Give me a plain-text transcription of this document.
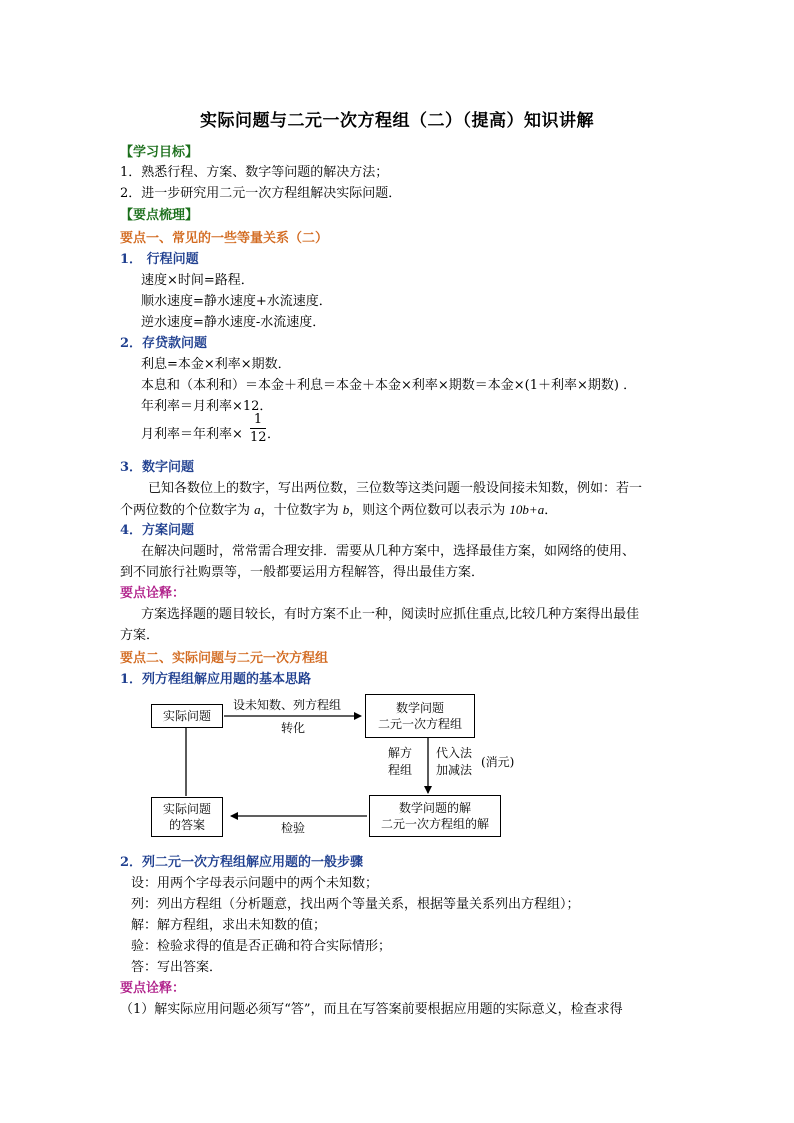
实际问题与二元一次方程组（二）（提高）知识讲解
【学习目标】
1．熟悉行程、方案、数字等问题的解决方法；
2．进一步研究用二元一次方程组解决实际问题．
【要点梳理】
要点一、常见的一些等量关系（二）
1． 行程问题
速度×时间=路程．
顺水速度=静水速度+水流速度．
逆水速度=静水速度-水流速度．
2．存贷款问题
利息=本金×利率×期数．
本息和（本利和）＝本金＋利息＝本金＋本金×利率×期数＝本金×(1＋利率×期数) ．
年利率＝月利率×12．
月利率＝年利率×
1
12 ．
3．数字问题
已知各数位上的数字，写出两位数，三位数等这类问题一般设间接未知数，例如：若一
个两位数的个位数字为 a，十位数字为 b，则这个两位数可以表示为 10b+a．
4．方案问题
在解决问题时，常常需合理安排．需要从几种方案中，选择最佳方案，如网络的使用、
到不同旅行社购票等，一般都要运用方程解答，得出最佳方案．
要点诠释：
方案选择题的题目较长，有时方案不止一种，阅读时应抓住重点,比较几种方案得出最佳
方案．
要点二、实际问题与二元一次方程组
1．列方程组解应用题的基本思路
实际问题
数学问题
二元一次方程组
实际问题
的答案
数学问题的解
二元一次方程组的解
设未知数、列方程组
转化
解方
程组
代入法
加减法
(消元)
检验
2．列二元一次方程组解应用题的一般步骤
设：用两个字母表示问题中的两个未知数；
列：列出方程组（分析题意，找出两个等量关系，根据等量关系列出方程组）；
解：解方程组，求出未知数的值；
验：检验求得的值是否正确和符合实际情形；
答：写出答案．
要点诠释：
（1）解实际应用问题必须写“答”，而且在写答案前要根据应用题的实际意义，检查求得
